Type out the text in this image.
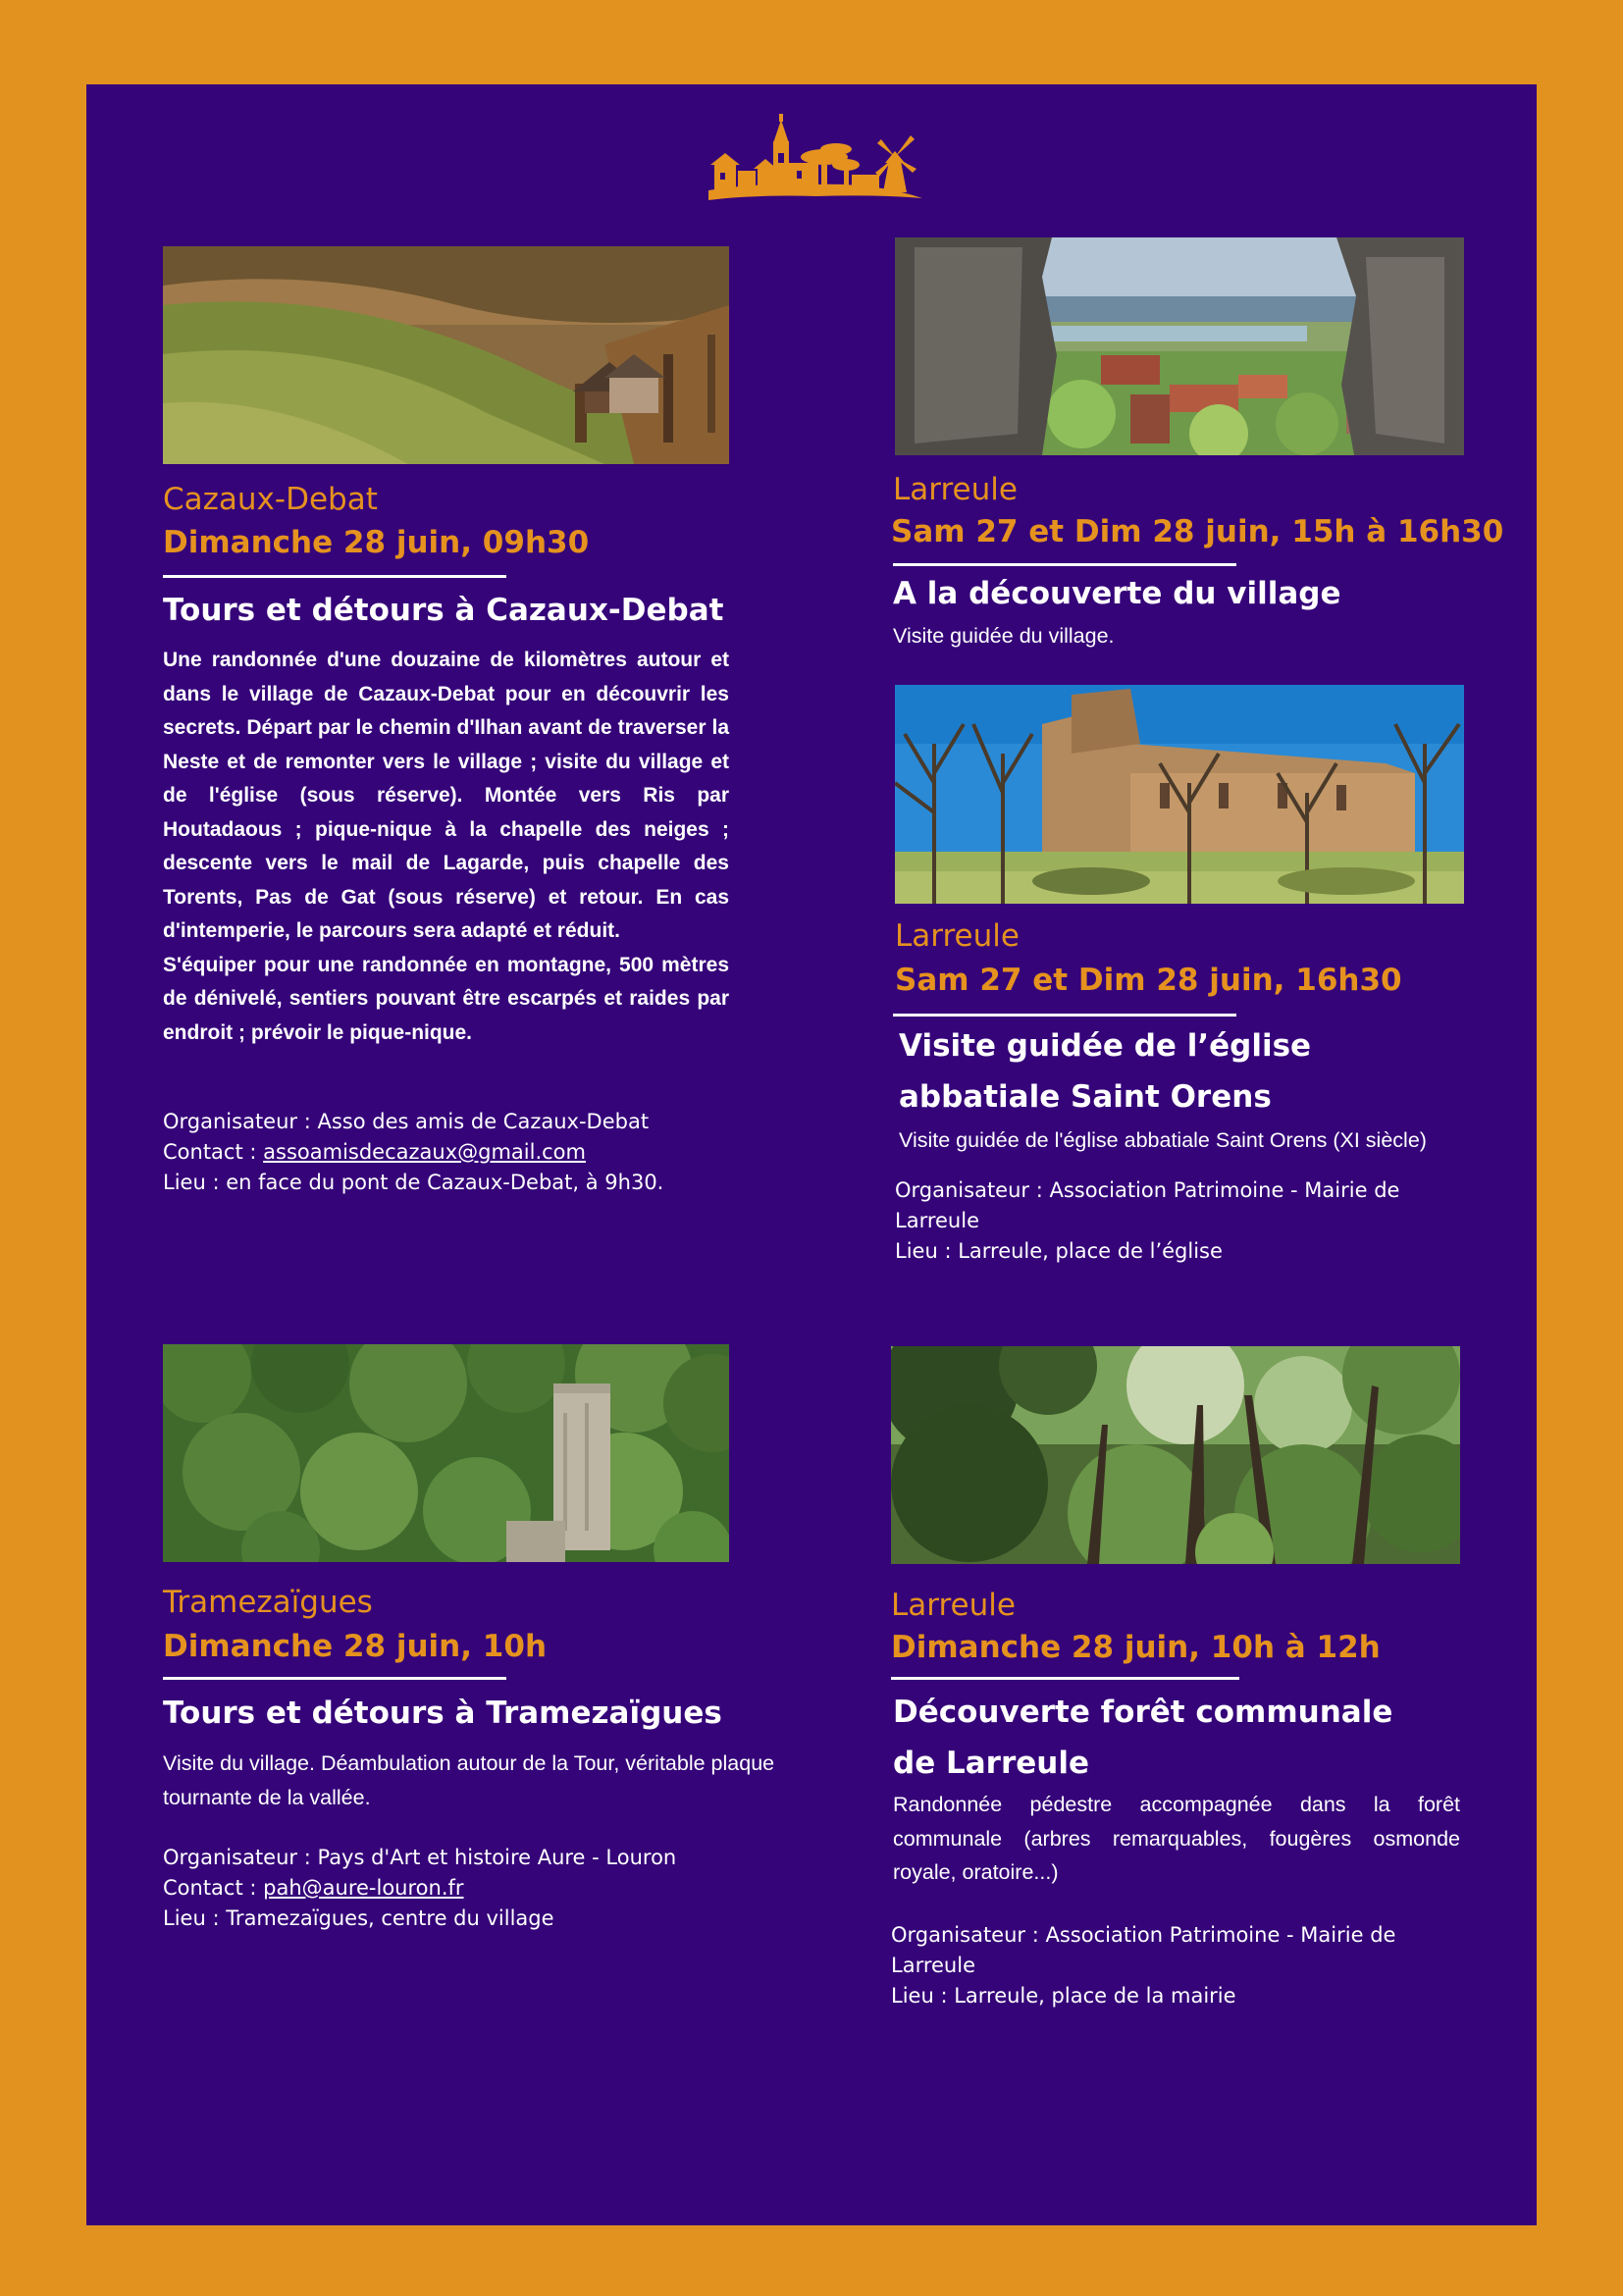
Cazaux-Debat
Dimanche 28 juin, 09h30
Tours et détours à Cazaux-Debat

Une randonnée d'une douzaine de kilomètres autour et dans le village de Cazaux-Debat pour en découvrir les secrets. Départ par le chemin d'Ilhan avant de traverser la Neste et de remonter vers le village ; visite du village et de l'église (sous réserve). Montée vers Ris par Houtadaous ; pique-nique à la chapelle des neiges ; descente vers le mail de Lagarde, puis chapelle des Torents, Pas de Gat (sous réserve) et retour. En cas d'intemperie, le parcours sera adapté et réduit.

S'équiper pour une randonnée en montagne, 500 mètres de dénivelé, sentiers pouvant être escarpés et raides par endroit ; prévoir le pique-nique.

Organisateur : Asso des amis de Cazaux-Debat
Contact : assoamisdecazaux@gmail.com
Lieu : en face du pont de Cazaux-Debat, à 9h30.
Larreule
Sam 27 et Dim 28 juin, 15h à 16h30
A la découverte du village
Visite guidée du village.
Larreule
Sam 27 et Dim 28 juin, 16h30
Visite guidée de l’église abbatiale Saint Orens
Visite guidée de l'église abbatiale Saint Orens (XI siècle)
Organisateur : Association Patrimoine - Mairie de Larreule
Lieu : Larreule, place de l’église
Tramezaïgues
Dimanche 28 juin, 10h
Tours et détours à Tramezaïgues
Visite du village. Déambulation autour de la Tour, véritable plaque tournante de la vallée.
Organisateur : Pays d'Art et histoire Aure - Louron
Contact : pah@aure-louron.fr
Lieu : Tramezaïgues, centre du village
Larreule
Dimanche 28 juin, 10h à 12h
Découverte forêt communale de Larreule
Randonnée pédestre accompagnée dans la forêt communale (arbres remarquables, fougères osmonde royale, oratoire...)
Organisateur : Association Patrimoine - Mairie de Larreule
Lieu : Larreule, place de la mairie
